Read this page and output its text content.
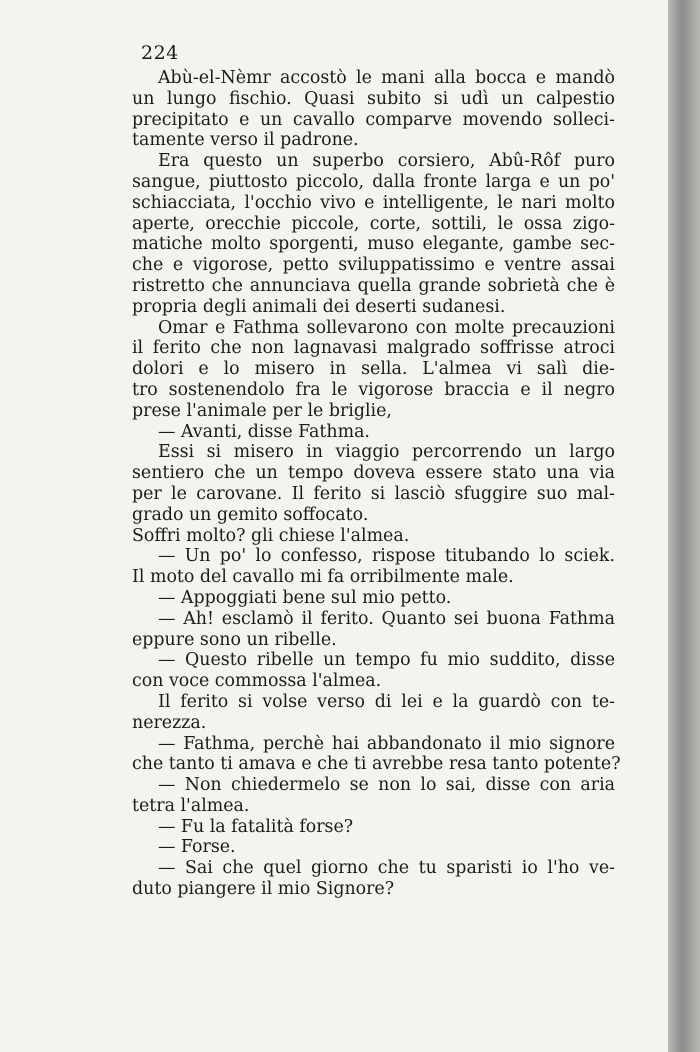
224
Abù-el-Nèmr accostò le mani alla bocca e mandò
un lungo fischio. Quasi subito si udì un calpestio
precipitato e un cavallo comparve movendo solleci-
tamente verso il padrone.
Era questo un superbo corsiero, Abû-Rôf puro
sangue, piuttosto piccolo, dalla fronte larga e un po'
schiacciata, l'occhio vivo e intelligente, le nari molto
aperte, orecchie piccole, corte, sottili, le ossa zigo-
matiche molto sporgenti, muso elegante, gambe sec-
che e vigorose, petto sviluppatissimo e ventre assai
ristretto che annunciava quella grande sobrietà che è
propria degli animali dei deserti sudanesi.
Omar e Fathma sollevarono con molte precauzioni
il ferito che non lagnavasi malgrado soffrisse atroci
dolori e lo misero in sella. L'almea vi salì die-
tro sostenendolo fra le vigorose braccia e il negro
prese l'animale per le briglie,
— Avanti, disse Fathma.
Essi si misero in viaggio percorrendo un largo
sentiero che un tempo doveva essere stato una via
per le carovane. Il ferito si lasciò sfuggire suo mal-
grado un gemito soffocato.
Soffri molto? gli chiese l'almea.
— Un po' lo confesso, rispose titubando lo sciek.
Il moto del cavallo mi fa orribilmente male.
— Appoggiati bene sul mio petto.
— Ah! esclamò il ferito. Quanto sei buona Fathma
eppure sono un ribelle.
— Questo ribelle un tempo fu mio suddito, disse
con voce commossa l'almea.
Il ferito si volse verso di lei e la guardò con te-
nerezza.
— Fathma, perchè hai abbandonato il mio signore
che tanto ti amava e che ti avrebbe resa tanto potente?
— Non chiedermelo se non lo sai, disse con aria
tetra l'almea.
— Fu la fatalità forse?
— Forse.
— Sai che quel giorno che tu sparisti io l'ho ve-
duto piangere il mio Signore?
